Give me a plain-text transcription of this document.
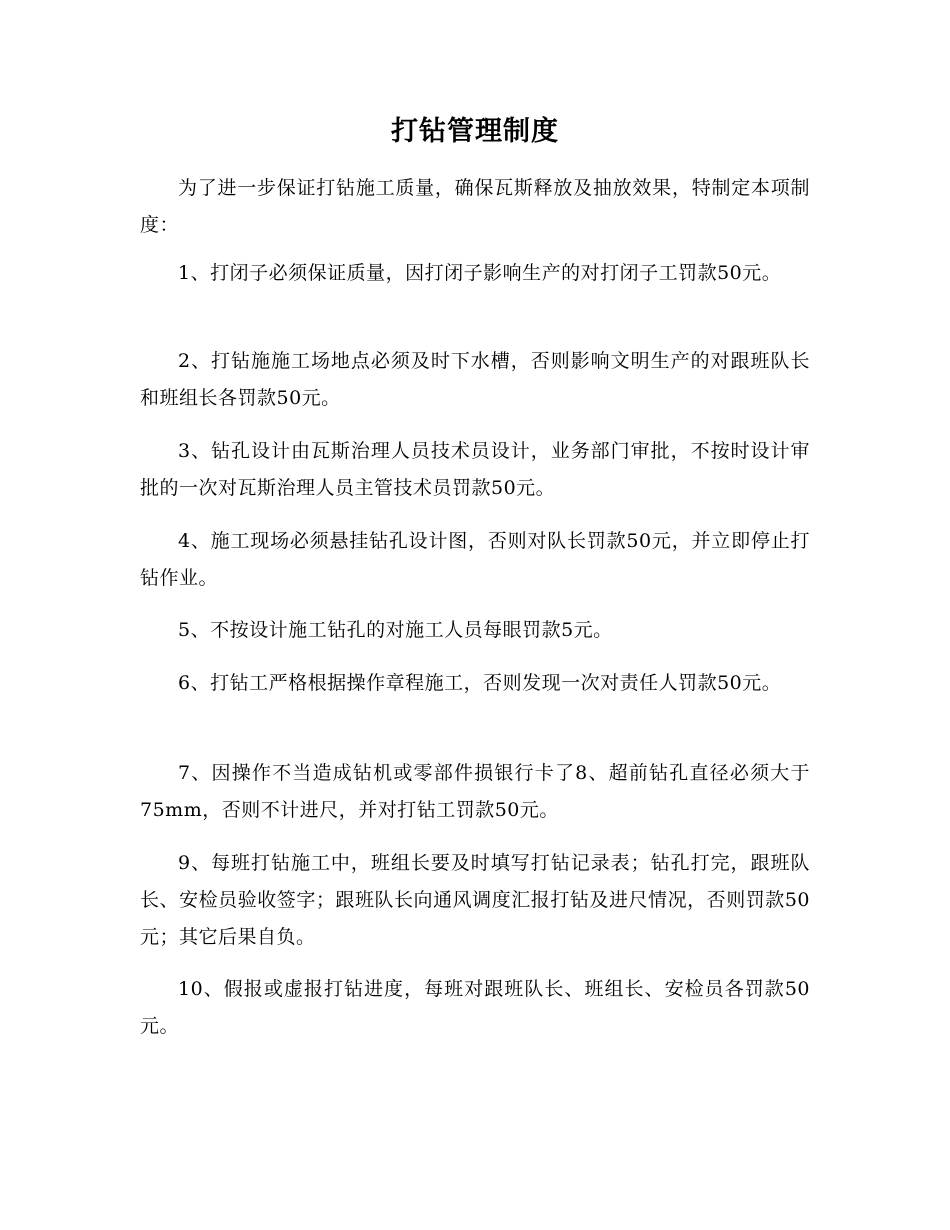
打钻管理制度

为了进一步保证打钻施工质量，确保瓦斯释放及抽放效果，特制定本项制度：

1、打闭子必须保证质量，因打闭子影响生产的对打闭子工罚款50元。

2、打钻施施工场地点必须及时下水槽，否则影响文明生产的对跟班队长和班组长各罚款50元。

3、钻孔设计由瓦斯治理人员技术员设计，业务部门审批，不按时设计审批的一次对瓦斯治理人员主管技术员罚款50元。

4、施工现场必须悬挂钻孔设计图，否则对队长罚款50元，并立即停止打钻作业。

5、不按设计施工钻孔的对施工人员每眼罚款5元。

6、打钻工严格根据操作章程施工，否则发现一次对责任人罚款50元。

7、因操作不当造成钻机或零部件损银行卡了8、超前钻孔直径必须大于75mm，否则不计进尺，并对打钻工罚款50元。

9、每班打钻施工中，班组长要及时填写打钻记录表；钻孔打完，跟班队长、安检员验收签字；跟班队长向通风调度汇报打钻及进尺情况，否则罚款50元；其它后果自负。

10、假报或虚报打钻进度，每班对跟班队长、班组长、安检员各罚款50元。
